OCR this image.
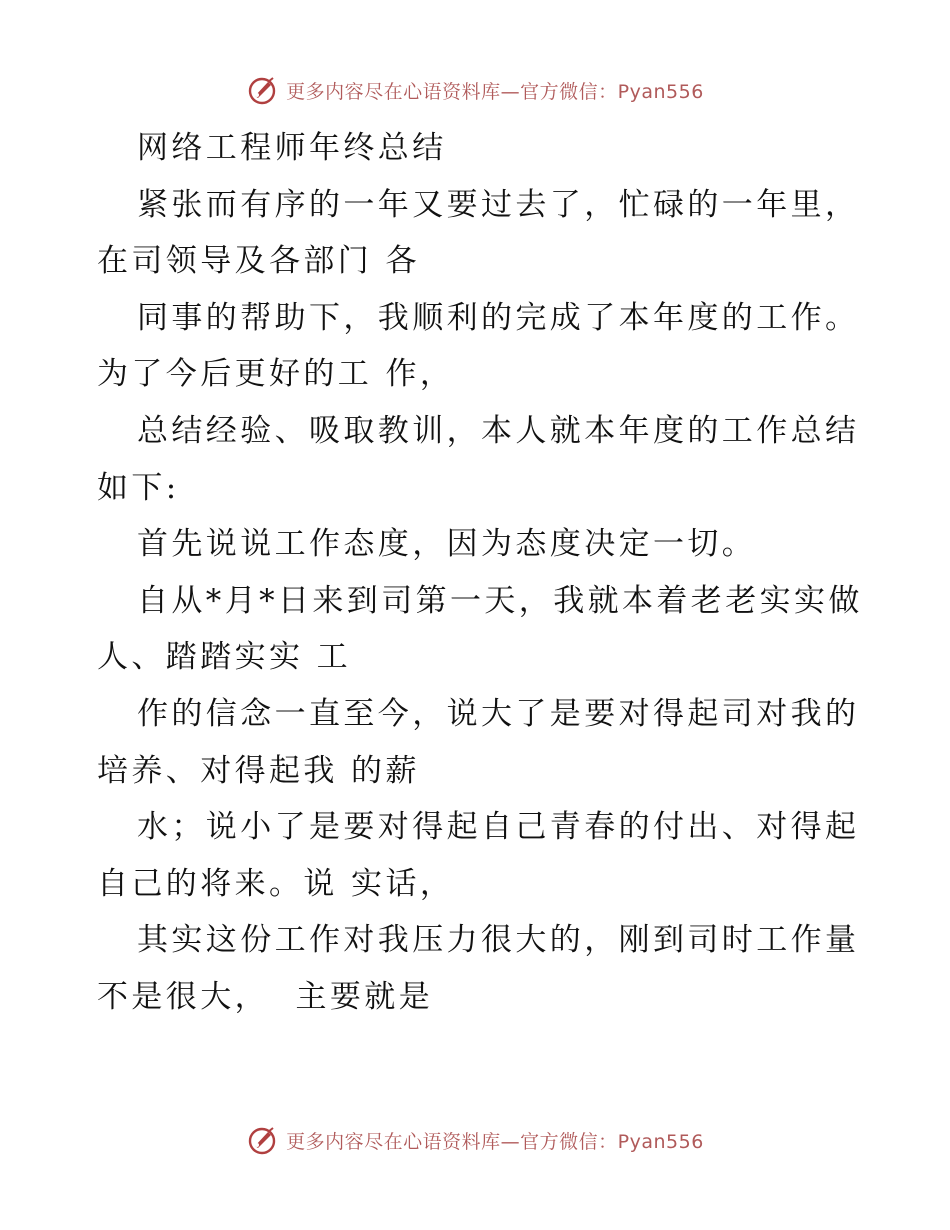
更多内容尽在心语资料库—官方微信：Pyan556
网络工程师年终总结
紧张而有序的一年又要过去了，忙碌的一年里，
在司领导及各部门 各
同事的帮助下，我顺利的完成了本年度的工作。
为了今后更好的工 作，
总结经验、吸取教训，本人就本年度的工作总结
如下:
首先说说工作态度，因为态度决定一切。
自从*月*日来到司第一天，我就本着老老实实做
人、踏踏实实 工
作的信念一直至今，说大了是要对得起司对我的
培养、对得起我 的薪
水；说小了是要对得起自己青春的付出、对得起
自己的将来。说 实话，
其实这份工作对我压力很大的，刚到司时工作量
不是很大，  主要就是
更多内容尽在心语资料库—官方微信：Pyan556
